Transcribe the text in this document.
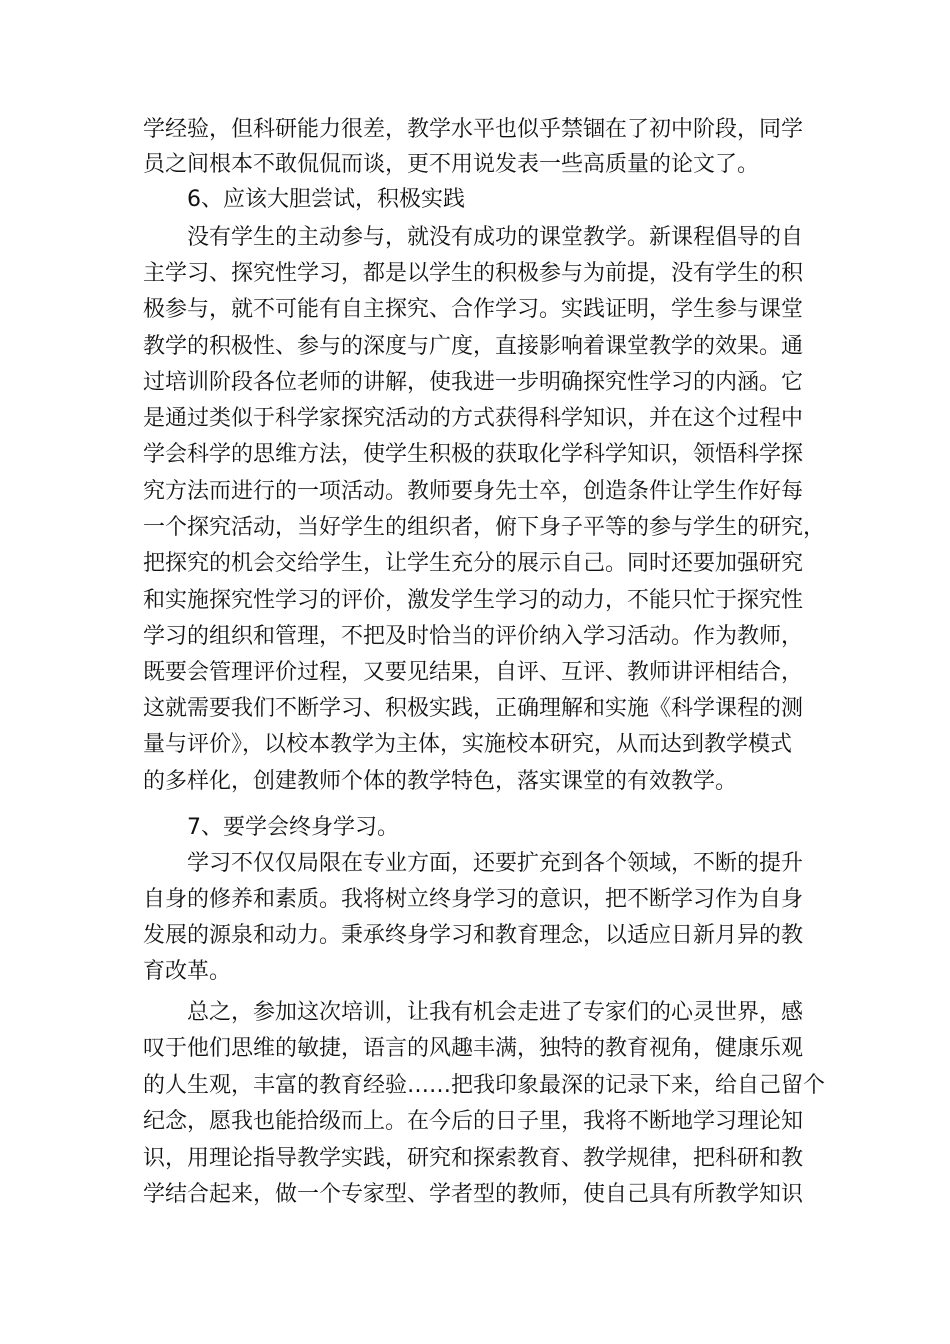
学经验，但科研能力很差，教学水平也似乎禁锢在了初中阶段，同学
员之间根本不敢侃侃而谈，更不用说发表一些高质量的论文了。
6、应该大胆尝试，积极实践
没有学生的主动参与，就没有成功的课堂教学。新课程倡导的自
主学习、探究性学习，都是以学生的积极参与为前提，没有学生的积
极参与，就不可能有自主探究、合作学习。实践证明，学生参与课堂
教学的积极性、参与的深度与广度，直接影响着课堂教学的效果。通
过培训阶段各位老师的讲解，使我进一步明确探究性学习的内涵。它
是通过类似于科学家探究活动的方式获得科学知识，并在这个过程中
学会科学的思维方法，使学生积极的获取化学科学知识，领悟科学探
究方法而进行的一项活动。教师要身先士卒，创造条件让学生作好每
一个探究活动，当好学生的组织者，俯下身子平等的参与学生的研究，
把探究的机会交给学生，让学生充分的展示自己。同时还要加强研究
和实施探究性学习的评价，激发学生学习的动力，不能只忙于探究性
学习的组织和管理，不把及时恰当的评价纳入学习活动。作为教师，
既要会管理评价过程，又要见结果，自评、互评、教师讲评相结合，
这就需要我们不断学习、积极实践，正确理解和实施《科学课程的测
量与评价》，以校本教学为主体，实施校本研究，从而达到教学模式
的多样化，创建教师个体的教学特色，落实课堂的有效教学。
7、要学会终身学习。
学习不仅仅局限在专业方面，还要扩充到各个领域，不断的提升
自身的修养和素质。我将树立终身学习的意识，把不断学习作为自身
发展的源泉和动力。秉承终身学习和教育理念，以适应日新月异的教
育改革。
总之，参加这次培训，让我有机会走进了专家们的心灵世界，感
叹于他们思维的敏捷，语言的风趣丰满，独特的教育视角，健康乐观
的人生观，丰富的教育经验……把我印象最深的记录下来，给自己留个
纪念，愿我也能拾级而上。在今后的日子里，我将不断地学习理论知
识，用理论指导教学实践，研究和探索教育、教学规律，把科研和教
学结合起来，做一个专家型、学者型的教师，使自己具有所教学知识
